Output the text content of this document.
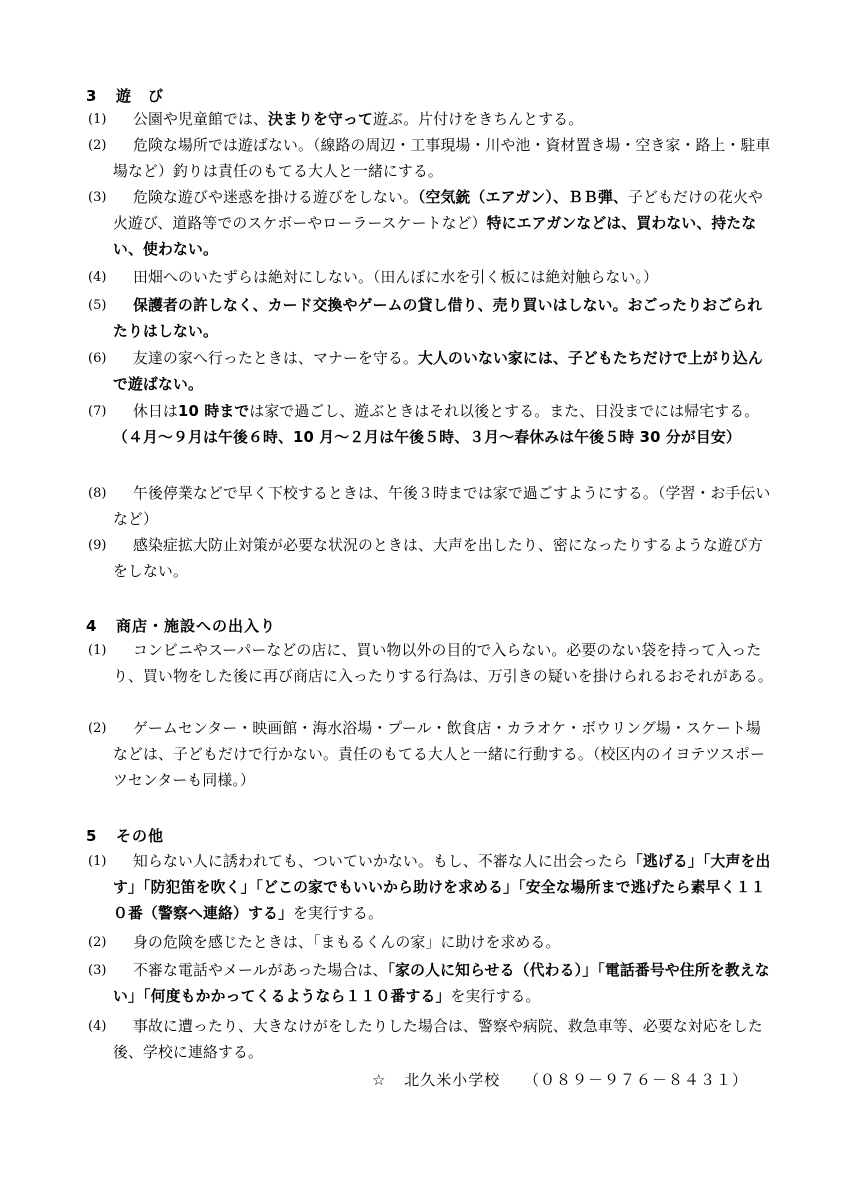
3 遊　び
(1)	公園や児童館では、決まりを守って遊ぶ。片付けをきちんとする。
(2)	危険な場所では遊ばない。（線路の周辺・工事現場・川や池・資材置き場・空き家・路上・駐車場など）釣りは責任のもてる大人と一緒にする。
(3)	危険な遊びや迷惑を掛ける遊びをしない。（空気銃（エアガン）、ＢＢ弾、子どもだけの花火や火遊び、道路等でのスケボーやローラースケートなど）特にエアガンなどは、買わない、持たない、使わない。
(4)	田畑へのいたずらは絶対にしない。（田んぼに水を引く板には絶対触らない。）
(5)	保護者の許しなく、カード交換やゲームの貸し借り、売り買いはしない。おごったりおごられたりはしない。
(6)	友達の家へ行ったときは、マナーを守る。大人のいない家には、子どもたちだけで上がり込んで遊ばない。
(7)	休日は10 時までは家で過ごし、遊ぶときはそれ以後とする。また、日没までには帰宅する。（４月～９月は午後６時、10 月～２月は午後５時、３月～春休みは午後５時 30 分が目安）
(8)	午後停業などで早く下校するときは、午後３時までは家で過ごすようにする。（学習・お手伝いなど）
(9)	感染症拡大防止対策が必要な状況のときは、大声を出したり、密になったりするような遊び方をしない。
4 商店・施設への出入り
(1)	コンビニやスーパーなどの店に、買い物以外の目的で入らない。必要のない袋を持って入ったり、買い物をした後に再び商店に入ったりする行為は、万引きの疑いを掛けられるおそれがある。
(2)	ゲームセンター・映画館・海水浴場・プール・飲食店・カラオケ・ボウリング場・スケート場などは、子どもだけで行かない。責任のもてる大人と一緒に行動する。（校区内のイヨテツスポーツセンターも同様。）
5 その他
(1)	知らない人に誘われても、ついていかない。もし、不審な人に出会ったら「逃げる」「大声を出す」「防犯笛を吹く」「どこの家でもいいから助けを求める」「安全な場所まで逃げたら素早く１１０番（警察へ連絡）する」を実行する。
(2)	身の危険を感じたときは、「まもるくんの家」に助けを求める。
(3)	不審な電話やメールがあった場合は、「家の人に知らせる（代わる）」「電話番号や住所を教えない」「何度もかかってくるようなら１１０番する」を実行する。
(4)	事故に遭ったり、大きなけがをしたりした場合は、警察や病院、救急車等、必要な対応をした後、学校に連絡する。
☆ 北久米小学校 （０８９－９７６－８４３１）
